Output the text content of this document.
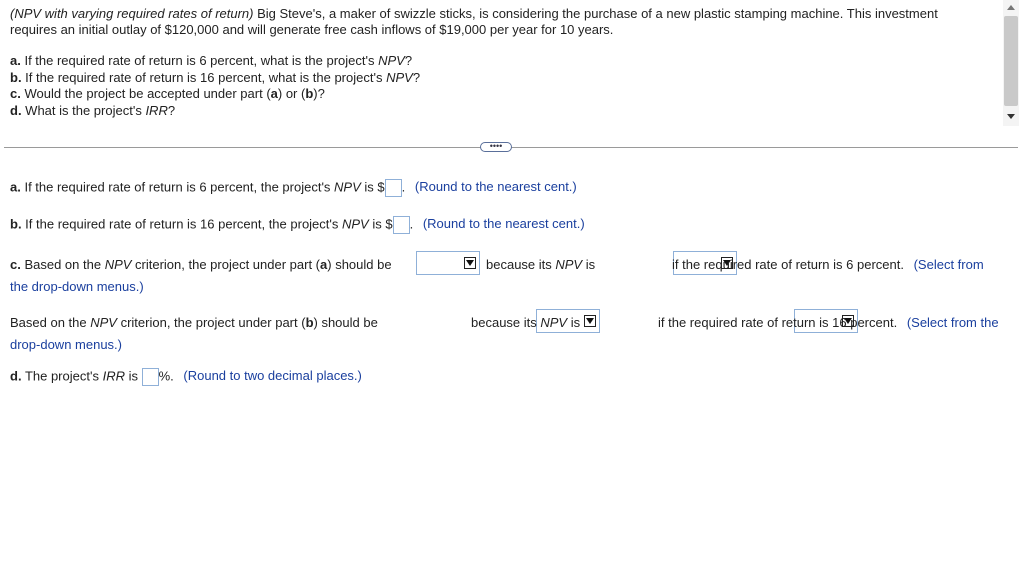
(NPV with varying required rates of return) Big Steve's, a maker of swizzle sticks, is considering the purchase of a new plastic stamping machine. This investment
requires an initial outlay of $120,000 and will generate free cash inflows of $19,000 per year for 10 years.
a. If the required rate of return is 6 percent, what is the project's NPV?
b. If the required rate of return is 16 percent, what is the project's NPV?
c. Would the project be accepted under part (a) or (b)?
d. What is the project's IRR?
••••
a. If the required rate of return is 6 percent, the project's NPV is $ . (Round to the nearest cent.)
b. If the required rate of return is 16 percent, the project's NPV is $ . (Round to the nearest cent.)
c. Based on the NPV criterion, the project under part (a) should be
	because its NPV is
	if the required rate of return is 6 percent. (Select from
the drop-down menus.)
Based on the NPV criterion, the project under part (b) should be
	because its NPV is	if the required rate of return is 16 percent. (Select from the
drop-down menus.)
d. The project's IRR is %. (Round to two decimal places.)
